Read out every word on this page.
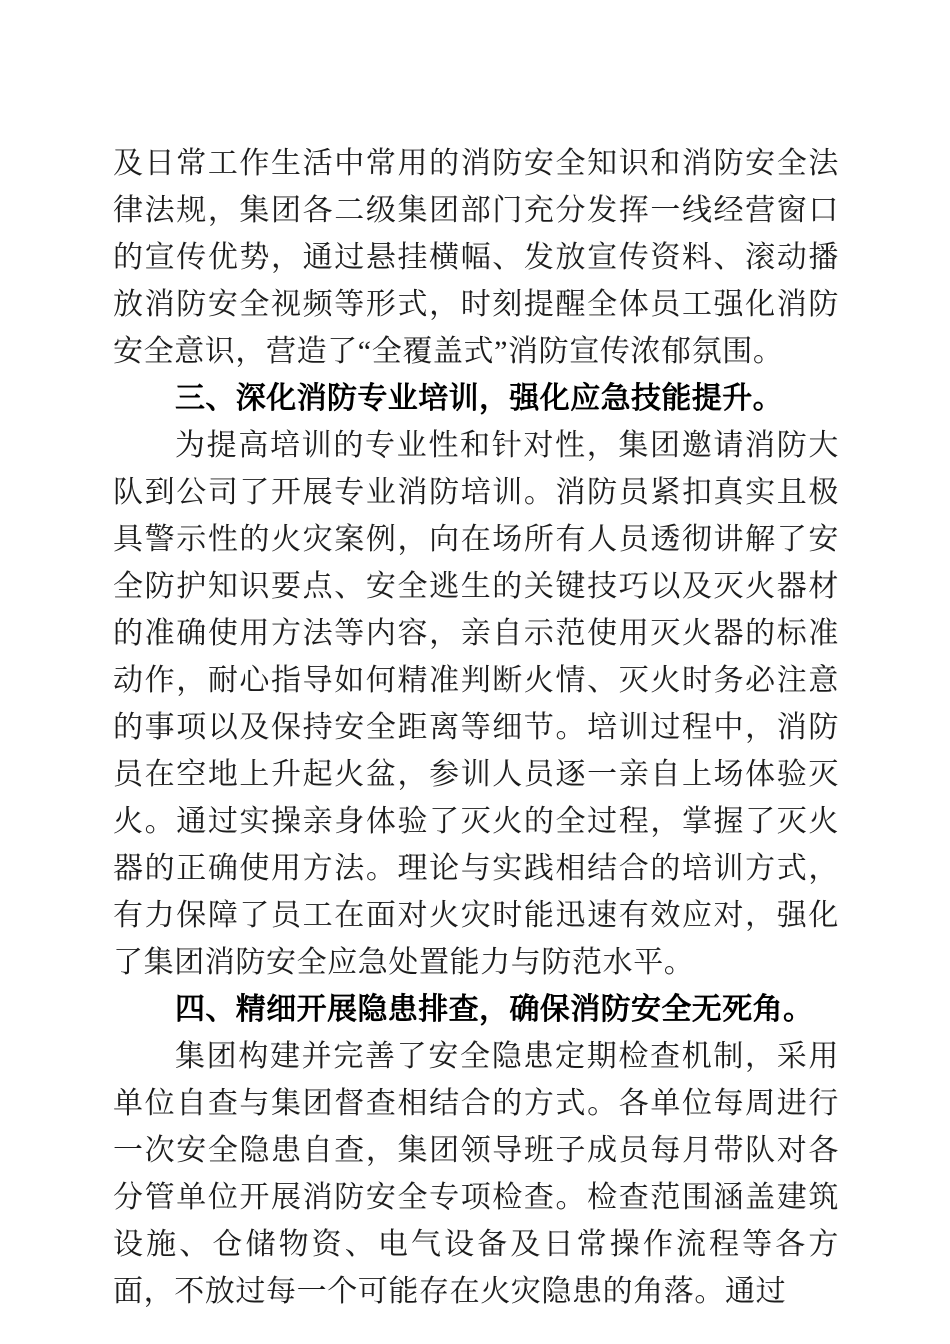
及日常工作生活中常用的消防安全知识和消防安全法律法规，集团各二级集团部门充分发挥一线经营窗口的宣传优势，通过悬挂横幅、发放宣传资料、滚动播放消防安全视频等形式，时刻提醒全体员工强化消防安全意识，营造了“全覆盖式”消防宣传浓郁氛围。

三、深化消防专业培训，强化应急技能提升。

为提高培训的专业性和针对性，集团邀请消防大队到公司了开展专业消防培训。消防员紧扣真实且极具警示性的火灾案例，向在场所有人员透彻讲解了安全防护知识要点、安全逃生的关键技巧以及灭火器材的准确使用方法等内容，亲自示范使用灭火器的标准动作，耐心指导如何精准判断火情、灭火时务必注意的事项以及保持安全距离等细节。培训过程中，消防员在空地上升起火盆，参训人员逐一亲自上场体验灭火。通过实操亲身体验了灭火的全过程，掌握了灭火器的正确使用方法。理论与实践相结合的培训方式，有力保障了员工在面对火灾时能迅速有效应对，强化了集团消防安全应急处置能力与防范水平。

四、精细开展隐患排查，确保消防安全无死角。

集团构建并完善了安全隐患定期检查机制，采用单位自查与集团督查相结合的方式。各单位每周进行一次安全隐患自查，集团领导班子成员每月带队对各分管单位开展消防安全专项检查。检查范围涵盖建筑设施、仓储物资、电气设备及日常操作流程等各方面，不放过每一个可能存在火灾隐患的角落。通过
